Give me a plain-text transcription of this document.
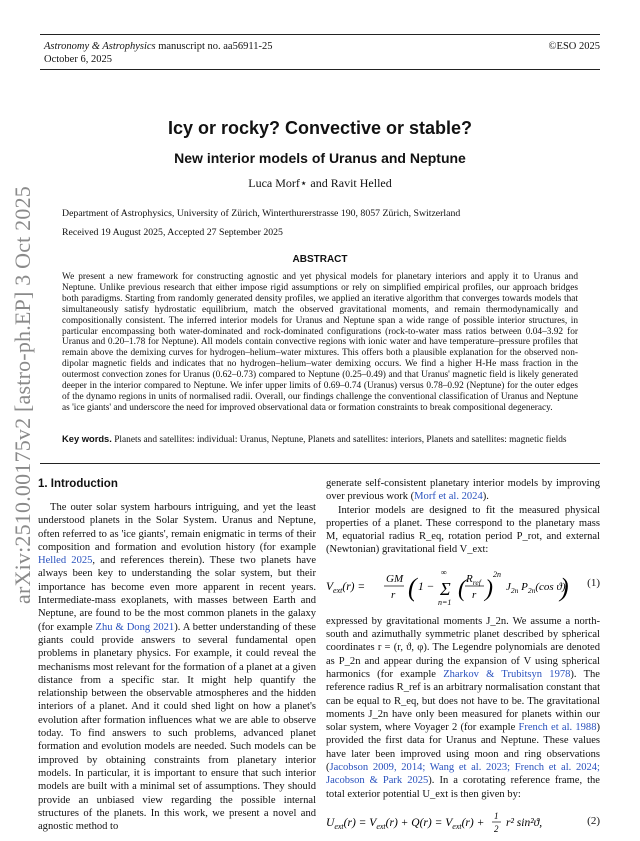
arXiv:2510.00175v2 [astro-ph.EP] 3 Oct 2025
Astronomy & Astrophysics manuscript no. aa56911-25
October 6, 2025
©ESO 2025
Icy or rocky? Convective or stable?
New interior models of Uranus and Neptune
Luca Morf⋆ and Ravit Helled
Department of Astrophysics, University of Zürich, Winterthurerstrasse 190, 8057 Zürich, Switzerland
Received 19 August 2025, Accepted 27 September 2025
ABSTRACT
We present a new framework for constructing agnostic and yet physical models for planetary interiors and apply it to Uranus and Neptune. Unlike previous research that either impose rigid assumptions or rely on simplified empirical profiles, our approach bridges both paradigms. Starting from randomly generated density profiles, we applied an iterative algorithm that converges towards models that simultaneously satisfy hydrostatic equilibrium, match the observed gravitational moments, and remain thermodynamically and compositionally consistent. The inferred interior models for Uranus and Neptune span a wide range of possible interior structures, in particular encompassing both water-dominated and rock-dominated configurations (rock-to-water mass ratios between 0.04–3.92 for Uranus and 0.20–1.78 for Neptune). All models contain convective regions with ionic water and have temperature–pressure profiles that remain above the demixing curves for hydrogen–helium–water mixtures. This offers both a plausible explanation for the observed non-dipolar magnetic fields and indicates that no hydrogen–helium–water demixing occurs. We find a higher H-He mass fraction in the outermost convection zones for Uranus (0.62–0.73) compared to Neptune (0.25–0.49) and that Uranus' magnetic field is likely generated deeper in the interior compared to Neptune. We infer upper limits of 0.69–0.74 (Uranus) versus 0.78–0.92 (Neptune) for the outer edges of the dynamo regions in units of normalised radii. Overall, our findings challenge the conventional classification of Uranus and Neptune as 'ice giants' and underscore the need for improved observational data or formation constraints to break compositional degeneracy.
Key words. Planets and satellites: individual: Uranus, Neptune, Planets and satellites: interiors, Planets and satellites: magnetic fields
1. Introduction

The outer solar system harbours intriguing, and yet the least understood planets in the Solar System. Uranus and Neptune, often referred to as 'ice giants', remain enigmatic in terms of their composition and formation and evolution history (for example Helled 2025, and references therein). These two planets have always been key to understanding the solar system, but their importance has become even more apparent in recent years. Intermediate-mass exoplanets, with masses between Earth and Neptune, are found to be the most common planets in the galaxy (for example Zhu & Dong 2021). A better understanding of these giants could provide answers to several fundamental open problems in planetary physics. For example, it could reveal the mechanisms most relevant for the formation of a planet at a given distance from a specific star. It might help quantify the relationship between the observable atmospheres and the hidden interiors of a planet. And it could shed light on how a planet's evolution after formation influences what we are able to observe today. To find answers to such problems, advanced planet formation and evolution models are needed. Such models can be improved by obtaining constraints from planetary interior models. In particular, it is important to ensure that such interior models are built with a minimal set of assumptions. They should provide an unbiased view regarding the possible internal structures of the planets. In this work, we present a novel and agnostic method to

generate self-consistent planetary interior models by improving over previous work (Morf et al. 2024).

Interior models are designed to fit the measured physical properties of a planet. These correspond to the planetary mass M, equatorial radius R_eq, rotation period P_rot, and external (Newtonian) gravitational field V_ext:

$V_{ext}(r)$ =
GM
r ( 1 − Σ
∞
n=1
( $R_{ref}$
r )
2n
$J_{2n}$ $P_{2n}(\cos$ ϑ)
) (1)

expressed by gravitational moments J_2n. We assume a north-south and azimuthally symmetric planet described by spherical coordinates r = (r, ϑ, φ). The Legendre polynomials are denoted as P_2n and appear during the expansion of V using spherical harmonics (for example Zharkov & Trubitsyn 1978). The reference radius R_ref is an arbitrary normalisation constant that can be equal to R_eq, but does not have to be. The gravitational moments J_2n have only been measured for planets within our solar system, where Voyager 2 (for example French et al. 1988) provided the first data for Uranus and Neptune. These values have later been improved using moon and ring observations (Jacobson 2009, 2014; Wang et al. 2023; French et al. 2024; Jacobson & Park 2025). In a corotating reference frame, the total exterior potential U_ext is then given by:

$U_{ext}(r) = V_{ext}(r) + Q(r) = V_{ext}(r)$ +
1
2 r² sin²ϑ,	(2)
